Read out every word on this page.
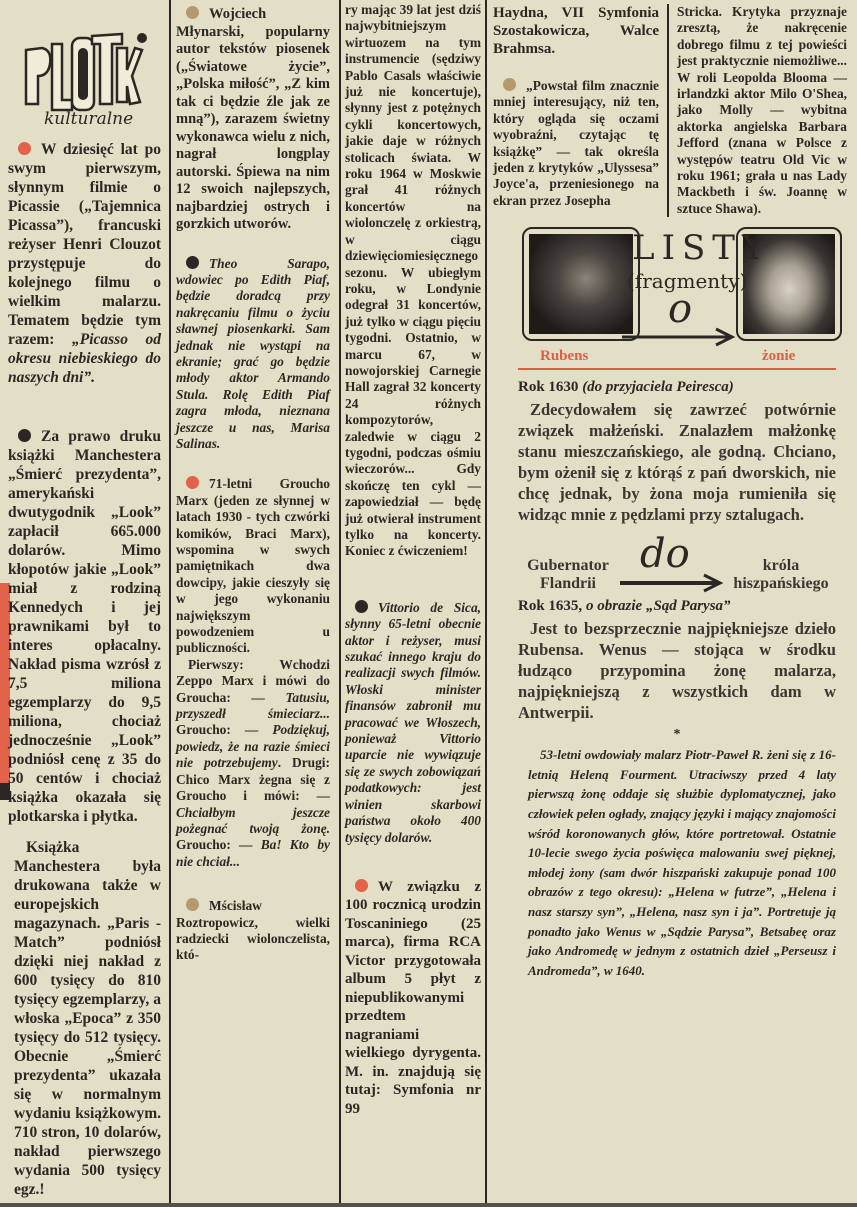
kulturalne

W dziesięć lat po swym pierwszym, słynnym filmie o Picassie („Tajemnica Picassa”), francuski reżyser Henri Clouzot przystępuje do kolejnego filmu o wielkim malarzu. Tematem będzie tym razem: „Picasso od okresu niebieskiego do naszych dni”.

Za prawo druku książki Manchestera „Śmierć prezydenta”, amerykański dwutygodnik „Look” zapłacił 665.000 dolarów. Mimo kłopotów jakie „Look” miał z rodziną Kennedych i jej prawnikami był to interes opłacalny. Nakład pisma wzrósł z 7,5 miliona egzemplarzy do 9,5 miliona, chociaż jednocześnie „Look” podniósł cenę z 35 do 50 centów i chociaż książka okazała się plotkarska i płytka.

Książka Manchestera była drukowana także w europejskich magazynach. „Paris - Match” podniósł dzięki niej nakład z 600 tysięcy do 810 tysięcy egzemplarzy, a włoska „Epoca” z 350 tysięcy do 512 tysięcy. Obecnie „Śmierć prezydenta” ukazała się w normalnym wydaniu książkowym. 710 stron, 10 dolarów, nakład pierwszego wydania 500 tysięcy egz.!

Wojciech Młynarski, popularny autor tekstów piosenek („Światowe życie”, „Polska miłość”, „Z kim tak ci będzie źle jak ze mną”), zarazem świetny wykonawca wielu z nich, nagrał longplay autorski. Śpiewa na nim 12 swoich najlepszych, najbardziej ostrych i gorzkich utworów.

Theo Sarapo, wdowiec po Edith Piaf, będzie doradcą przy nakręcaniu filmu o życiu sławnej piosenkarki. Sam jednak nie wystąpi na ekranie; grać go będzie młody aktor Armando Stula. Rolę Edith Piaf zagra młoda, nieznana jeszcze u nas, Marisa Salinas.

71-letni Groucho Marx (jeden ze słynnej w latach 1930 - tych czwórki komików, Braci Marx), wspomina w swych pamiętnikach dwa dowcipy, jakie cieszyły się w jego wykonaniu największym powodzeniem u publiczności.

Pierwszy: Wchodzi Zeppo Marx i mówi do Groucha: — Tatusiu, przyszedł śmieciarz... Groucho: — Podziękuj, powiedz, że na razie śmieci nie potrzebujemy. Drugi: Chico Marx żegna się z Groucho i mówi: — Chciałbym jeszcze pożegnać twoją żonę. Groucho: — Ba! Kto by nie chciał...

Mścisław Roztropowicz, wielki radziecki wiolonczelista, któ-

ry mając 39 lat jest dziś najwybitniejszym wirtuozem na tym instrumencie (sędziwy Pablo Casals właściwie już nie koncertuje), słynny jest z potężnych cykli koncertowych, jakie daje w różnych stolicach świata. W roku 1964 w Moskwie grał 41 różnych koncertów na wiolonczelę z orkiestrą, w ciągu dziewięciomiesięcznego sezonu. W ubiegłym roku, w Londynie odegrał 31 koncertów, już tylko w ciągu pięciu tygodni. Ostatnio, w marcu 67, w nowojorskiej Carnegie Hall zagrał 32 koncerty 24 różnych kompozytorów, zaledwie w ciągu 2 tygodni, podczas ośmiu wieczorów... Gdy skończę ten cykl — zapowiedział — będę już otwierał instrument tylko na koncerty. Koniec z ćwiczeniem!

Vittorio de Sica, słynny 65-letni obecnie aktor i reżyser, musi szukać innego kraju do realizacji swych filmów. Włoski minister finansów zabronił mu pracować we Włoszech, ponieważ Vittorio uparcie nie wywiązuje się ze swych zobowiązań podatkowych: jest winien skarbowi państwa około 400 tysięcy dolarów.

W związku z 100 rocznicą urodzin Toscaniniego (25 marca), firma RCA Victor przygotowała album 5 płyt z niepublikowanymi przedtem nagraniami wielkiego dyrygenta. M. in. znajdują się tutaj: Symfonia nr 99

Haydna, VII Symfonia Szostakowicza, Walce Brahmsa.

„Powstał film znacznie mniej interesujący, niż ten, który ogląda się oczami wyobraźni, czytając tę książkę” — tak określa jeden z krytyków „Ulyssesa” Joyce'a, przeniesionego na ekran przez Josepha

Stricka. Krytyka przyznaje zresztą, że nakręcenie dobrego filmu z tej powieści jest praktycznie niemożliwe... W roli Leopolda Blooma — irlandzki aktor Milo O'Shea, jako Molly — wybitna aktorka angielska Barbara Jefford (znana w Polsce z występów teatru Old Vic w roku 1961; grała u nas Lady Mackbeth i św. Joannę w sztuce Shawa).

LISTY
(fragmenty)
o
Rubens	żonie
Rok 1630 (do przyjaciela Peiresca)

Zdecydowałem się zawrzeć potwórnie związek małżeński. Znalazłem małżonkę stanu mieszczańskiego, ale godną. Chciano, bym ożenił się z którąś z pań dworskich, nie chcę jednak, by żona moja rumieniła się widząc mnie z pędzlami przy sztalugach.

Gubernator Flandrii
do	króla hiszpańskiego
Rok 1635, o obrazie „Sąd Parysa”

Jest to bezsprzecznie najpiękniejsze dzieło Rubensa. Wenus — stojąca w środku łudząco przypomina żonę malarza, najpiękniejszą z wszystkich dam w Antwerpii.

*

53-letni owdowiały malarz Piotr-Paweł R. żeni się z 16-letnią Heleną Fourment. Utraciwszy przed 4 laty pierwszą żonę oddaje się służbie dyplomatycznej, jako człowiek pełen ogłady, znający języki i mający znajomości wśród koronowanych głów, które portretował. Ostatnie 10-lecie swego życia poświęca malowaniu swej pięknej, młodej żony (sam dwór hiszpański zakupuje ponad 100 obrazów z tego okresu): „Helena w futrze”, „Helena i nasz starszy syn”, „Helena, nasz syn i ja”. Portretuje ją ponadto jako Wenus w „Sądzie Parysa”, Betsabeę oraz jako Andromedę w jednym z ostatnich dzieł „Perseusz i Andromeda”, w 1640.
